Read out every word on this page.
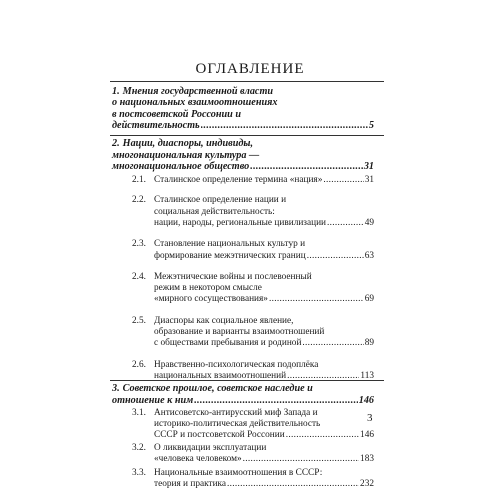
ОГЛАВЛЕНИЕ
1. Мнения государственной власти
о национальных взаимоотношениях
в постсоветской Россонии и
действительность .....	5
2. Нации, диаспоры, индивиды,
многонациональная культура —
многонациональное общество .....	31
2.1. Сталинское определение термина «нация» .....	31
2.2. Сталинское определение нации и
социальная действительность:
нации, народы, региональные цивилизации .....	49
2.3. Становление национальных культур и
формирование межэтнических границ .....	63
2.4. Межэтнические войны и послевоенный
режим в некотором смысле
«мирного сосуществования» .....	69
2.5. Диаспоры как социальное явление,
образование и варианты взаимоотношений
с обществами пребывания и родиной .....	89
2.6. Нравственно-психологическая подоплёка
национальных взаимоотношений .....	113
3. Советское прошлое, советское наследие и
отношение к ним .....	146
3.1. Антисоветско-антирусский миф Запада и
историко-политическая действительность
СССР и постсоветской Россонии .....	146
3.2. О ликвидации эксплуатации
«человека человеком» .....	183
3.3. Национальные взаимоотношения в СССР:
теория и практика .....	232
3
